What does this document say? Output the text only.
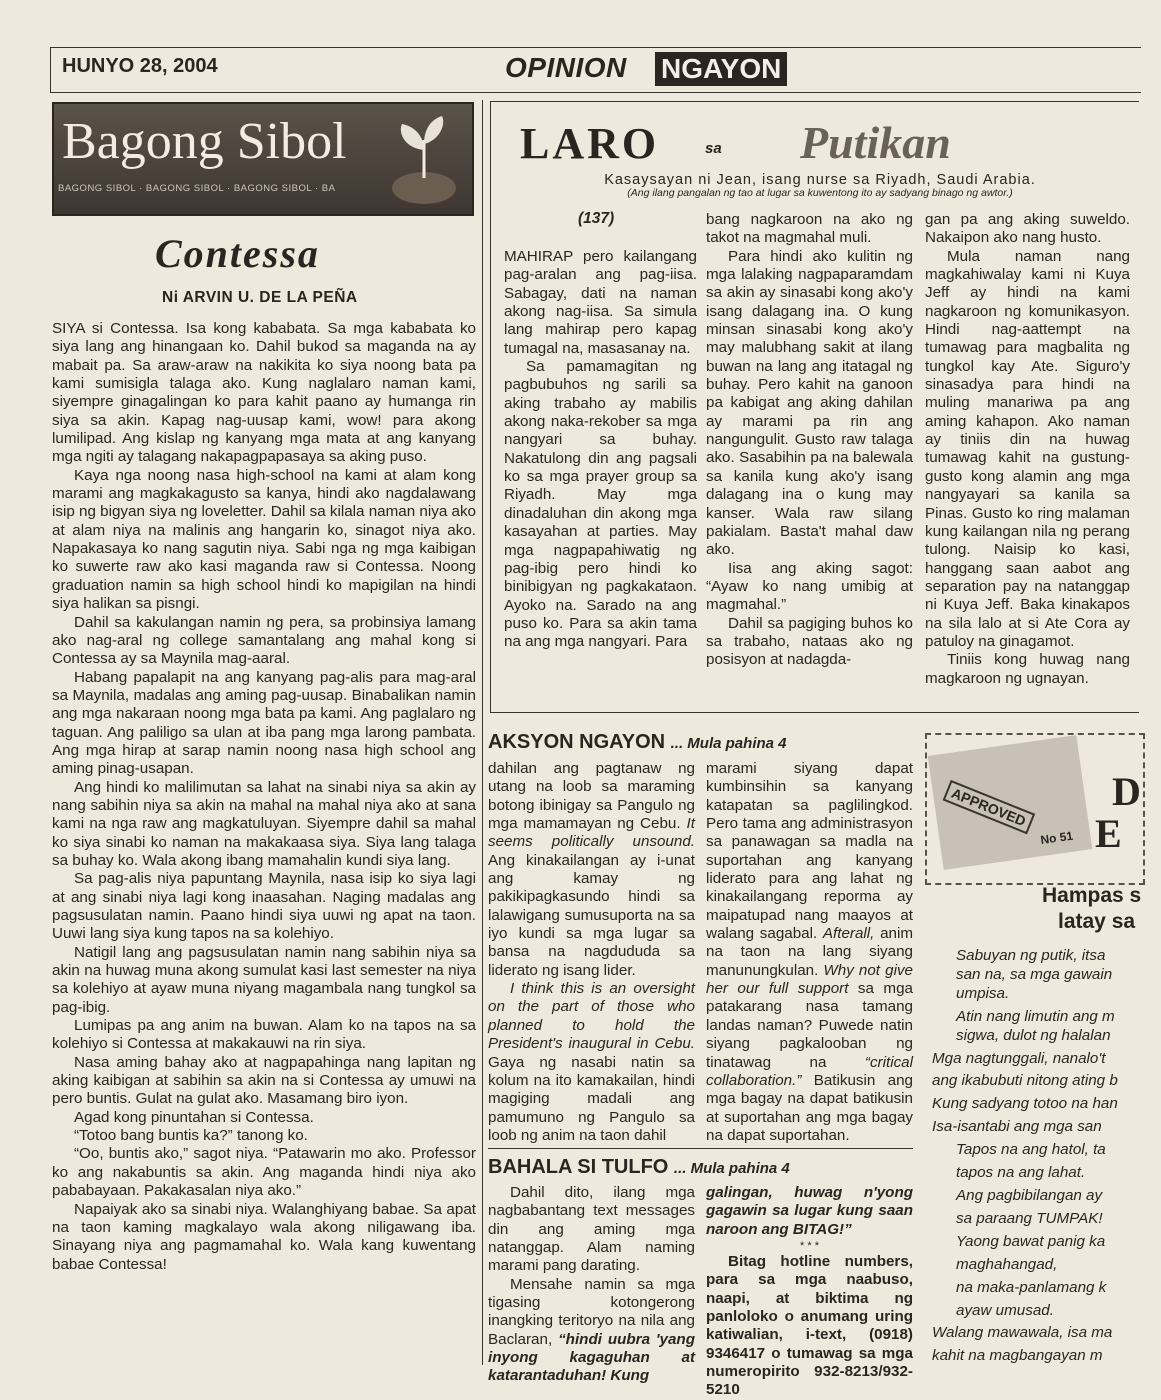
HUNYO 28, 2004	OPINION NGAYON
Bagong Sibol
BAGONG SIBOL · BAGONG SIBOL · BAGONG SIBOL · BA
Contessa
Ni ARVIN U. DE LA PEÑA

SIYA si Contessa. Isa kong kababata. Sa mga kababata ko siya lang ang hinangaan ko. Dahil bukod sa maganda na ay mabait pa. Sa araw-araw na nakikita ko siya noong bata pa kami sumisigla talaga ako. Kung naglalaro naman kami, siyempre ginagalingan ko para kahit paano ay humanga rin siya sa akin. Kapag nag-uusap kami, wow! para akong lumilipad. Ang kislap ng kanyang mga mata at ang kanyang mga ngiti ay talagang nakapagpapasaya sa aking puso.

Kaya nga noong nasa high-school na kami at alam kong marami ang magkakagusto sa kanya, hindi ako nagdalawang isip ng bigyan siya ng loveletter. Dahil sa kilala naman niya ako at alam niya na malinis ang hangarin ko, sinagot niya ako. Napakasaya ko nang sagutin niya. Sabi nga ng mga kaibigan ko suwerte raw ako kasi maganda raw si Contessa. Noong graduation namin sa high school hindi ko mapigilan na hindi siya halikan sa pisngi.

Dahil sa kakulangan namin ng pera, sa probinsiya lamang ako nag-aral ng college samantalang ang mahal kong si Contessa ay sa Maynila mag-aaral.

Habang papalapit na ang kanyang pag-alis para mag-aral sa Maynila, madalas ang aming pag-uusap. Binabalikan namin ang mga nakaraan noong mga bata pa kami. Ang paglalaro ng taguan. Ang paliligo sa ulan at iba pang mga larong pambata. Ang mga hirap at sarap namin noong nasa high school ang aming pinag-usapan.

Ang hindi ko malilimutan sa lahat na sinabi niya sa akin ay nang sabihin niya sa akin na mahal na mahal niya ako at sana kami na nga raw ang magkatuluyan. Siyempre dahil sa mahal ko siya sinabi ko naman na makakaasa siya. Siya lang talaga sa buhay ko. Wala akong ibang mamahalin kundi siya lang.

Sa pag-alis niya papuntang Maynila, nasa isip ko siya lagi at ang sinabi niya lagi kong inaasahan. Naging madalas ang pagsusulatan namin. Paano hindi siya uuwi ng apat na taon. Uuwi lang siya kung tapos na sa kolehiyo.

Natigil lang ang pagsusulatan namin nang sabihin niya sa akin na huwag muna akong sumulat kasi last semester na niya sa kolehiyo at ayaw muna niyang magambala nang tungkol sa pag-ibig.

Lumipas pa ang anim na buwan. Alam ko na tapos na sa kolehiyo si Contessa at makakauwi na rin siya.

Nasa aming bahay ako at nagpapahinga nang lapitan ng aking kaibigan at sabihin sa akin na si Contessa ay umuwi na pero buntis. Gulat na gulat ako. Masamang biro iyon.

Agad kong pinuntahan si Contessa.

“Totoo bang buntis ka?” tanong ko.

“Oo, buntis ako,” sagot niya. “Patawarin mo ako. Professor ko ang nakabuntis sa akin. Ang maganda hindi niya ako pababayaan. Pakakasalan niya ako.”

Napaiyak ako sa sinabi niya. Walanghiyang babae. Sa apat na taon kaming magkalayo wala akong niligawang iba. Sinayang niya ang pagmamahal ko. Wala kang kuwentang babae Contessa!

LARO	sa Putikan
Kasaysayan ni Jean, isang nurse sa Riyadh, Saudi Arabia.
(Ang ilang pangalan ng tao at lugar sa kuwentong ito ay sadyang binago ng awtor.)
(137)

MAHIRAP pero kailangang pag-aralan ang pag-iisa. Sabagay, dati na naman akong nag-iisa. Sa simula lang mahirap pero kapag tumagal na, masasanay na.

Sa pamamagitan ng pagbubuhos ng sarili sa aking trabaho ay mabilis akong naka-rekober sa mga nangyari sa buhay. Nakatulong din ang pagsali ko sa mga prayer group sa Riyadh. May mga dinadaluhan din akong mga kasayahan at parties. May mga nagpapahiwatig ng pag-ibig pero hindi ko binibigyan ng pagkakataon. Ayoko na. Sarado na ang puso ko. Para sa akin tama na ang mga nangyari. Para

bang nagkaroon na ako ng takot na magmahal muli.

Para hindi ako kulitin ng mga lalaking nagpaparamdam sa akin ay sinasabi kong ako'y isang dalagang ina. O kung minsan sinasabi kong ako'y may malubhang sakit at ilang buwan na lang ang itatagal ng buhay. Pero kahit na ganoon pa kabigat ang aking dahilan ay marami pa rin ang nangungulit. Gusto raw talaga ako. Sasabihin pa na balewala sa kanila kung ako'y isang dalagang ina o kung may kanser. Wala raw silang pakialam. Basta't mahal daw ako.

Iisa ang aking sagot: “Ayaw ko nang umibig at magmahal.”

Dahil sa pagiging buhos ko sa trabaho, nataas ako ng posisyon at nadagda-

gan pa ang aking suweldo. Nakaipon ako nang husto.

Mula naman nang magkahiwalay kami ni Kuya Jeff ay hindi na kami nagkaroon ng komunikasyon. Hindi nag-aattempt na tumawag para magbalita ng tungkol kay Ate. Siguro'y sinasadya para hindi na muling manariwa pa ang aming kahapon. Ako naman ay tiniis din na huwag tumawag kahit na gustung-gusto kong alamin ang mga nangyayari sa kanila sa Pinas. Gusto ko ring malaman kung kailangan nila ng perang tulong. Naisip ko kasi, hanggang saan aabot ang separation pay na natanggap ni Kuya Jeff. Baka kinakapos na sila lalo at si Ate Cora ay patuloy na ginagamot.

Tiniis kong huwag nang magkaroon ng ugnayan.

AKSYON NGAYON ... Mula pahina 4

dahilan ang pagtanaw ng utang na loob sa maraming botong ibinigay sa Pangulo ng mga mamamayan ng Cebu. It seems politically unsound. Ang kinakailangan ay i-unat ang kamay ng pakikipagkasundo hindi sa lalawigang sumusuporta na sa iyo kundi sa mga lugar sa bansa na nagdududa sa liderato ng isang lider.

I think this is an oversight on the part of those who planned to hold the President's inaugural in Cebu. Gaya ng nasabi natin sa kolum na ito kamakailan, hindi magiging madali ang pamumuno ng Pangulo sa loob ng anim na taon dahil

marami siyang dapat kumbinsihin sa kanyang katapatan sa paglilingkod. Pero tama ang administrasyon sa panawagan sa madla na suportahan ang kanyang liderato para ang lahat ng kinakailangang reporma ay maipatupad nang maayos at walang sagabal. Afterall, anim na taon na lang siyang manunungkulan. Why not give her our full support sa mga patakarang nasa tamang landas naman? Puwede natin siyang pagkalooban ng tinatawag na	“critical collaboration.” Batikusin ang mga bagay na dapat batikusin at suportahan ang mga bagay na dapat suportahan.

BAHALA SI TULFO ... Mula pahina 4

Dahil dito, ilang mga nagbabantang text messages din ang aming mga natanggap. Alam naming marami pang darating.

Mensahe namin sa mga tigasing kotongerong inangking teritoryo na nila ang Baclaran, “hindi uubra 'yang inyong kagaguhan at katarantaduhan! Kung

galingan, huwag n'yong gagawin sa lugar kung saan naroon ang BITAG!”

* * *

Bitag hotline numbers, para sa mga naabuso, naapi, at biktima ng panloloko o anumang uring katiwalian, i-text, (0918) 9346417 o tumawag sa mga numeropirito 932-8213/932-5210

APPROVED
No 51
D
E
Hampas s
latay sa
Sabuyan ng putik, itsa
san na, sa mga gawain
umpisa.
Atin nang limutin ang m
sigwa, dulot ng halalan
Mga nagtunggali, nanalo't
ang ikabubuti nitong ating b
Kung sadyang totoo na han
Isa-isantabi ang mga san
Tapos na ang hatol, ta
tapos na ang lahat.
Ang pagbibilangan ay
sa paraang TUMPAK!
Yaong bawat panig ka
maghahangad,
na maka-panlamang k
ayaw umusad.
Walang mawawala, isa ma
kahit na magbangayan m
